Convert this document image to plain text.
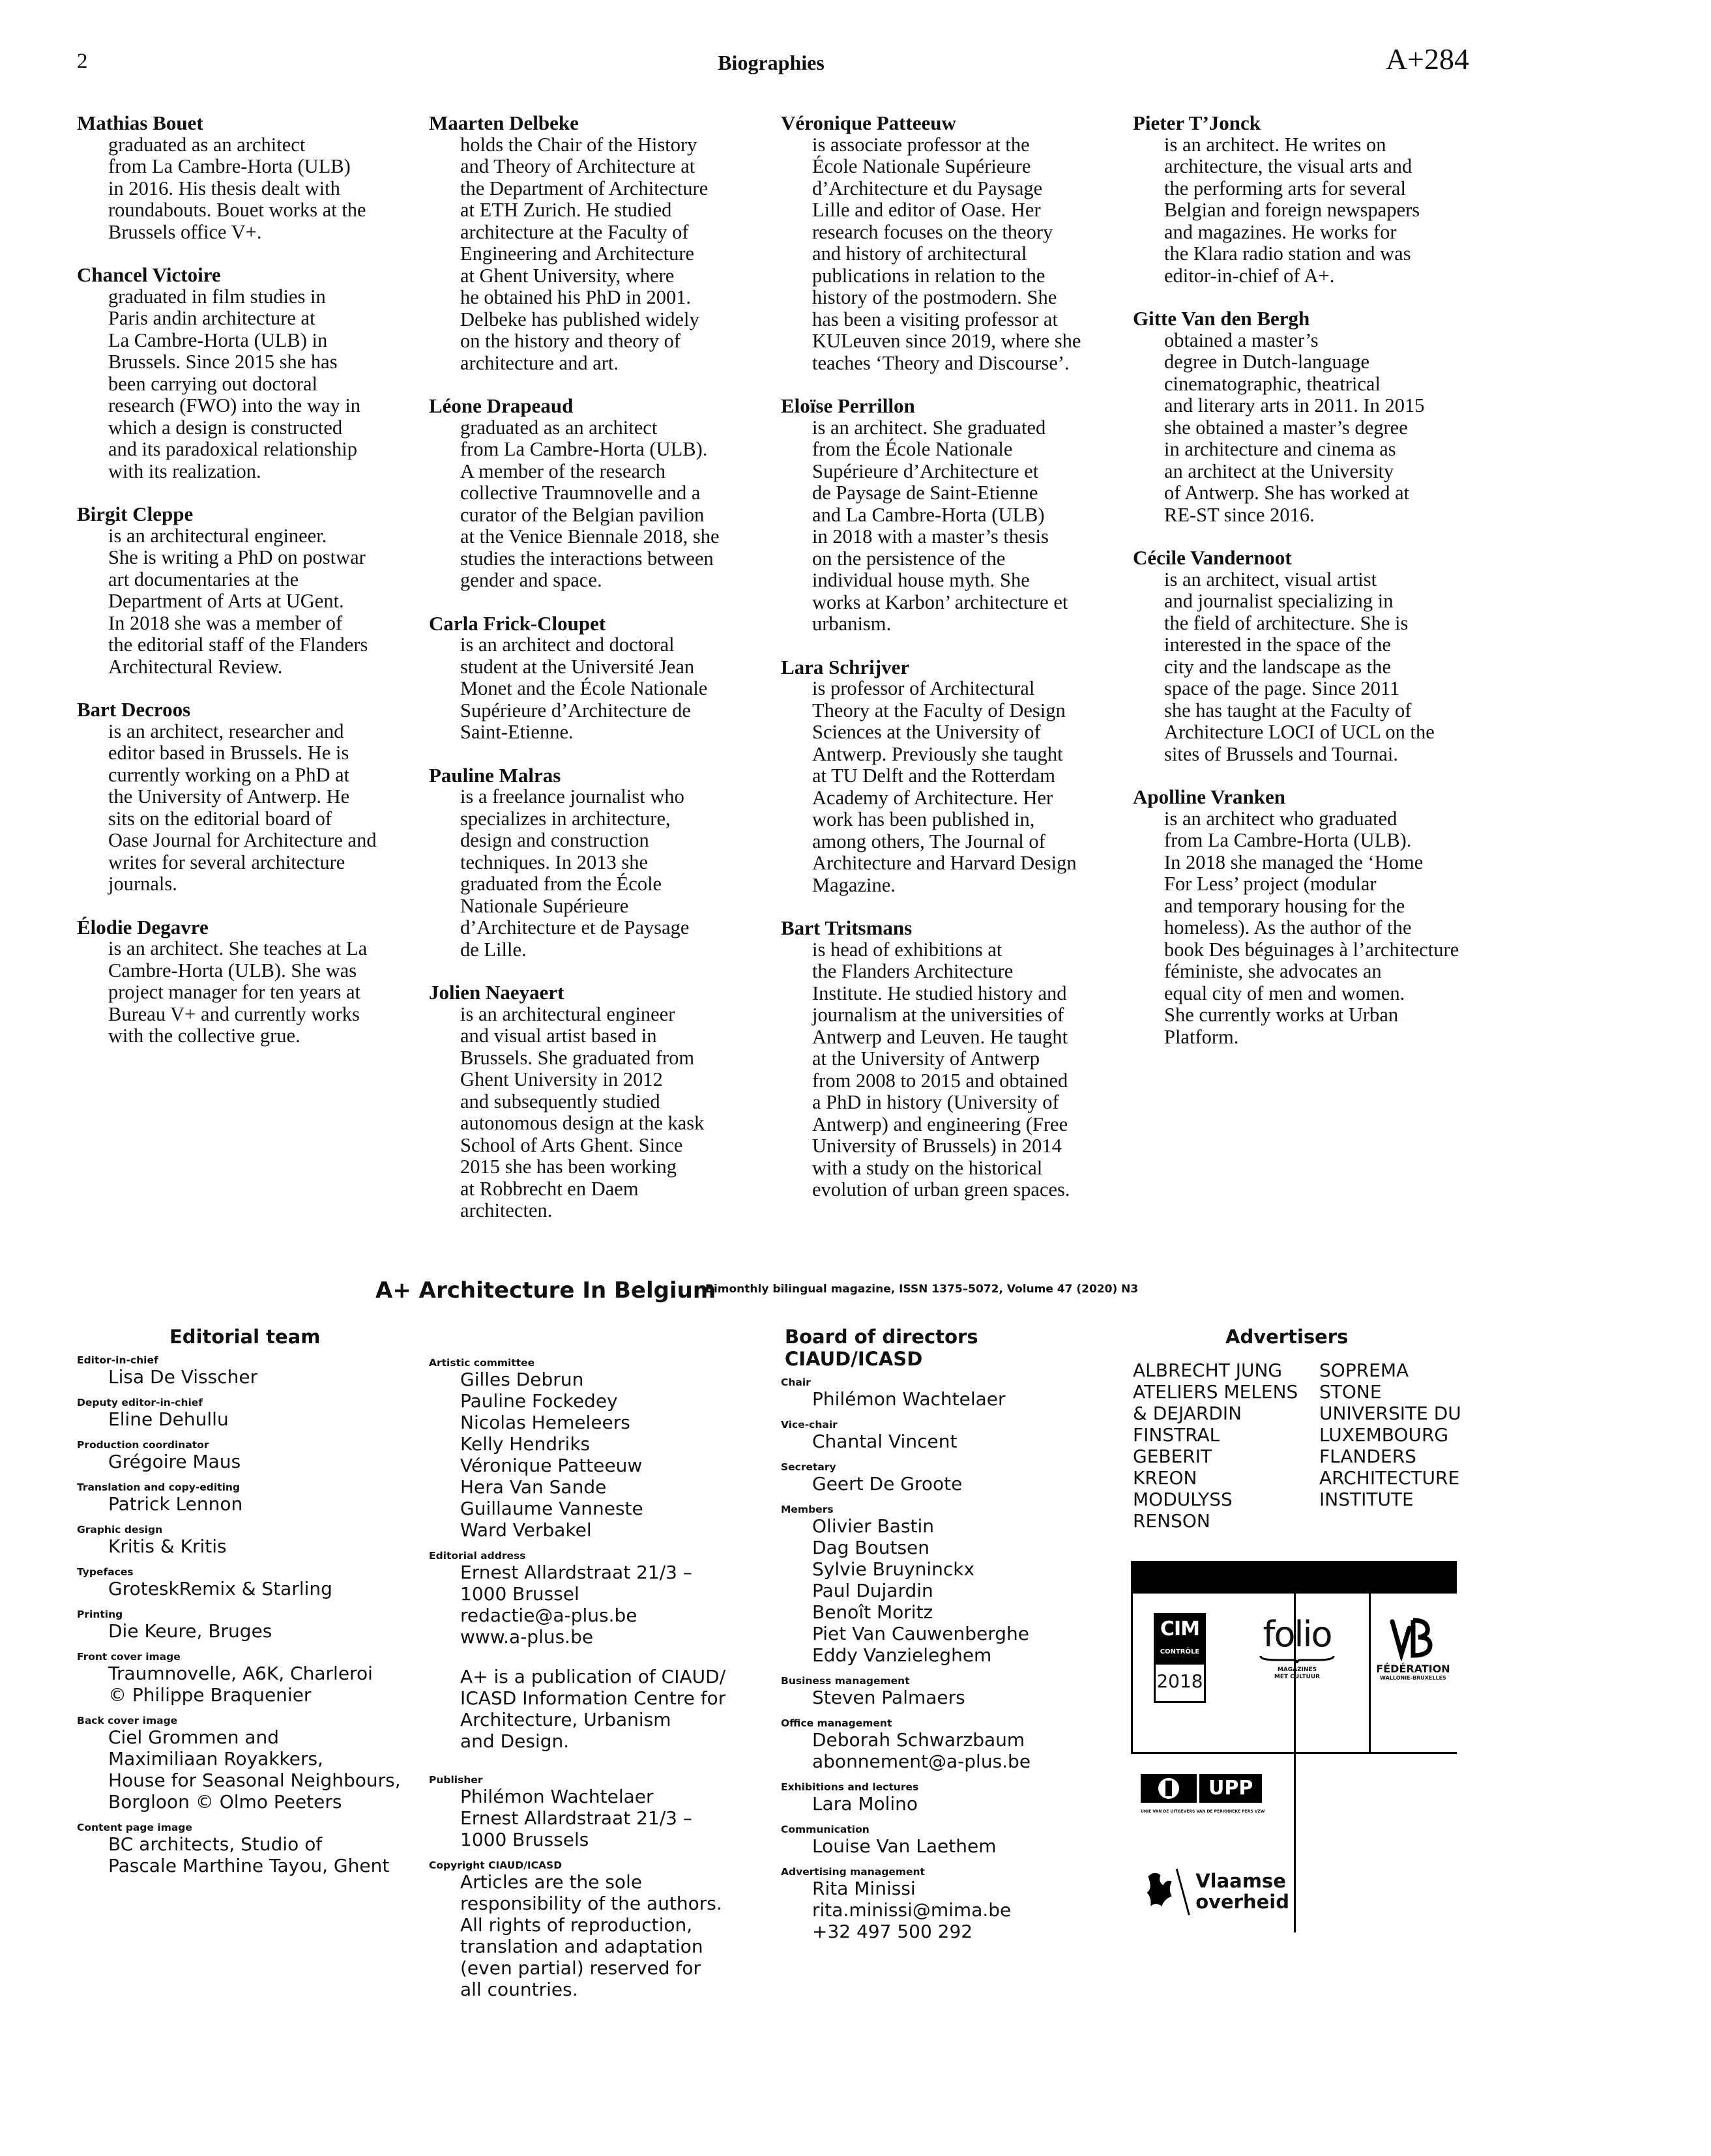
2	Biographies	A+284
Mathias Bouet
graduated as an architect
from La Cambre-Horta (ULB)
in 2016. His thesis dealt with
roundabouts. Bouet works at the
Brussels office V+.
Chancel Victoire
graduated in film studies in
Paris andin architecture at
La Cambre-Horta (ULB) in
Brussels. Since 2015 she has
been carrying out doctoral
research (FWO) into the way in
which a design is constructed
and its paradoxical relationship
with its realization.
Birgit Cleppe
is an architectural engineer.
She is writing a PhD on postwar
art documentaries at the
Department of Arts at UGent.
In 2018 she was a member of
the editorial staff of the Flanders
Architectural Review.
Bart Decroos
is an architect, researcher and
editor based in Brussels. He is
currently working on a PhD at
the University of Antwerp. He
sits on the editorial board of
Oase Journal for Architecture and
writes for several architecture
journals.
Élodie Degavre
is an architect. She teaches at La
Cambre-Horta (ULB). She was
project manager for ten years at
Bureau V+ and currently works
with the collective grue.
Maarten Delbeke
holds the Chair of the History
and Theory of Architecture at
the Department of Architecture
at ETH Zurich. He studied
architecture at the Faculty of
Engineering and Architecture
at Ghent University, where
he obtained his PhD in 2001.
Delbeke has published widely
on the history and theory of
architecture and art.
Léone Drapeaud
graduated as an architect
from La Cambre-Horta (ULB).
A member of the research
collective Traumnovelle and a
curator of the Belgian pavilion
at the Venice Biennale 2018, she
studies the interactions between
gender and space.
Carla Frick-Cloupet
is an architect and doctoral
student at the Université Jean
Monet and the École Nationale
Supérieure d’Architecture de
Saint-Etienne.
Pauline Malras
is a freelance journalist who
specializes in architecture,
design and construction
techniques. In 2013 she
graduated from the École
Nationale Supérieure
d’Architecture et de Paysage
de Lille.
Jolien Naeyaert
is an architectural engineer
and visual artist based in
Brussels. She graduated from
Ghent University in 2012
and subsequently studied
autonomous design at the kask
School of Arts Ghent. Since
2015 she has been working
at Robbrecht en Daem
architecten.
Véronique Patteeuw
is associate professor at the
École Nationale Supérieure
d’Architecture et du Paysage
Lille and editor of Oase. Her
research focuses on the theory
and history of architectural
publications in relation to the
history of the postmodern. She
has been a visiting professor at
KULeuven since 2019, where she
teaches ‘Theory and Discourse’.
Eloïse Perrillon
is an architect. She graduated
from the École Nationale
Supérieure d’Architecture et
de Paysage de Saint-Etienne
and La Cambre-Horta (ULB)
in 2018 with a master’s thesis
on the persistence of the
individual house myth. She
works at Karbon’ architecture et
urbanism.
Lara Schrijver
is professor of Architectural
Theory at the Faculty of Design
Sciences at the University of
Antwerp. Previously she taught
at TU Delft and the Rotterdam
Academy of Architecture. Her
work has been published in,
among others, The Journal of
Architecture and Harvard Design
Magazine.
Bart Tritsmans
is head of exhibitions at
the Flanders Architecture
Institute. He studied history and
journalism at the universities of
Antwerp and Leuven. He taught
at the University of Antwerp
from 2008 to 2015 and obtained
a PhD in history (University of
Antwerp) and engineering (Free
University of Brussels) in 2014
with a study on the historical
evolution of urban green spaces.
Pieter T’Jonck
is an architect. He writes on
architecture, the visual arts and
the performing arts for several
Belgian and foreign newspapers
and magazines. He works for
the Klara radio station and was
editor-in-chief of A+.
Gitte Van den Bergh
obtained a master’s
degree in Dutch-language
cinematographic, theatrical
and literary arts in 2011. In 2015
she obtained a master’s degree
in architecture and cinema as
an architect at the University
of Antwerp. She has worked at
RE-ST since 2016.
Cécile Vandernoot
is an architect, visual artist
and journalist specializing in
the field of architecture. She is
interested in the space of the
city and the landscape as the
space of the page. Since 2011
she has taught at the Faculty of
Architecture LOCI of UCL on the
sites of Brussels and Tournai.
Apolline Vranken
is an architect who graduated
from La Cambre-Horta (ULB).
In 2018 she managed the ‘Home
For Less’ project (modular
and temporary housing for the
homeless). As the author of the
book Des béguinages à l’architecture
féministe, she advocates an
equal city of men and women.
She currently works at Urban
Platform.
A+ Architecture In Belgium
Bimonthly bilingual magazine, ISSN 1375–5072, Volume 47 (2020) N3
Editorial team
Editor-in-chief
Lisa De Visscher
Deputy editor-in-chief
Eline Dehullu
Production coordinator
Grégoire Maus
Translation and copy-editing
Patrick Lennon
Graphic design
Kritis & Kritis
Typefaces
GroteskRemix & Starling
Printing
Die Keure, Bruges
Front cover image
Traumnovelle, A6K, Charleroi
© Philippe Braquenier
Back cover image
Ciel Grommen and
Maximiliaan Royakkers,
House for Seasonal Neighbours,
Borgloon © Olmo Peeters
Content page image
BC architects, Studio of
Pascale Marthine Tayou, Ghent
Artistic committee
Gilles Debrun
Pauline Fockedey
Nicolas Hemeleers
Kelly Hendriks
Véronique Patteeuw
Hera Van Sande
Guillaume Vanneste
Ward Verbakel
Editorial address
Ernest Allardstraat 21/3 –
1000 Brussel
redactie@a-plus.be
www.a-plus.be
A+ is a publication of CIAUD/
ICASD Information Centre for
Architecture, Urbanism
and Design.
Publisher
Philémon Wachtelaer
Ernest Allardstraat 21/3 –
1000 Brussels
Copyright CIAUD/ICASD
Articles are the sole
responsibility of the authors.
All rights of reproduction,
translation and adaptation
(even partial) reserved for
all countries.
Board of directors CIAUD/ICASD
Chair
Philémon Wachtelaer
Vice-chair
Chantal Vincent
Secretary
Geert De Groote
Members
Olivier Bastin
Dag Boutsen
Sylvie Bruyninckx
Paul Dujardin
Benoît Moritz
Piet Van Cauwenberghe
Eddy Vanzieleghem
Business management
Steven Palmaers
Office management
Deborah Schwarzbaum
abonnement@a-plus.be
Exhibitions and lectures
Lara Molino
Communication
Louise Van Laethem
Advertising management
Rita Minissi
rita.minissi@mima.be
+32 497 500 292
Advertisers
ALBRECHT JUNG
ATELIERS MELENS
& DEJARDIN
FINSTRAL
GEBERIT
KREON
MODULYSS
RENSON
SOPREMA
STONE
UNIVERSITE DU
LUXEMBOURG
FLANDERS
ARCHITECTURE
INSTITUTE
CIM
CONTRÔLE
2018
folio
MAGAZINES
MET CULTUUR
FÉDÉRATION
WALLONIE-BRUXELLES
UPP
UNIE VAN DE UITGEVERS VAN DE PERIODIEKE PERS VZW
Vlaamse
overheid
